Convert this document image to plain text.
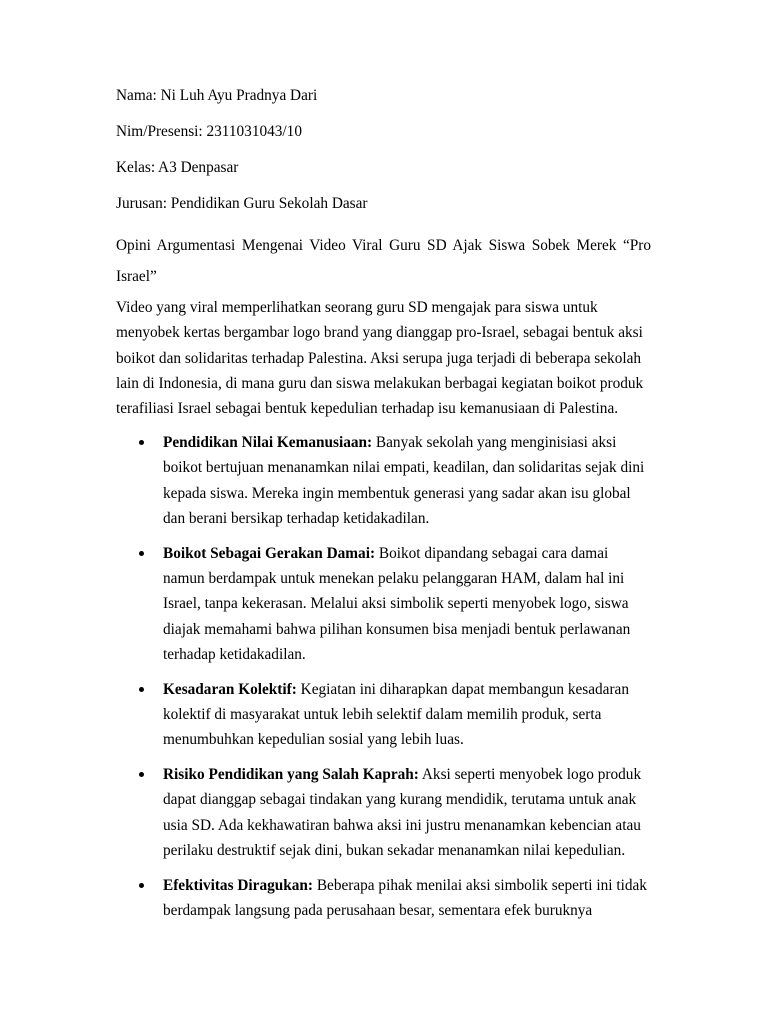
Nama: Ni Luh Ayu Pradnya Dari
Nim/Presensi: 2311031043/10
Kelas: A3 Denpasar
Jurusan: Pendidikan Guru Sekolah Dasar
Opini Argumentasi Mengenai Video Viral Guru SD Ajak Siswa Sobek Merek “Pro Israel”
Video yang viral memperlihatkan seorang guru SD mengajak para siswa untuk menyobek kertas bergambar logo brand yang dianggap pro-Israel, sebagai bentuk aksi boikot dan solidaritas terhadap Palestina. Aksi serupa juga terjadi di beberapa sekolah lain di Indonesia, di mana guru dan siswa melakukan berbagai kegiatan boikot produk terafiliasi Israel sebagai bentuk kepedulian terhadap isu kemanusiaan di Palestina.
Pendidikan Nilai Kemanusiaan: Banyak sekolah yang menginisiasi aksi boikot bertujuan menanamkan nilai empati, keadilan, dan solidaritas sejak dini kepada siswa. Mereka ingin membentuk generasi yang sadar akan isu global dan berani bersikap terhadap ketidakadilan.
Boikot Sebagai Gerakan Damai: Boikot dipandang sebagai cara damai namun berdampak untuk menekan pelaku pelanggaran HAM, dalam hal ini Israel, tanpa kekerasan. Melalui aksi simbolik seperti menyobek logo, siswa diajak memahami bahwa pilihan konsumen bisa menjadi bentuk perlawanan terhadap ketidakadilan.
Kesadaran Kolektif: Kegiatan ini diharapkan dapat membangun kesadaran kolektif di masyarakat untuk lebih selektif dalam memilih produk, serta menumbuhkan kepedulian sosial yang lebih luas.
Risiko Pendidikan yang Salah Kaprah: Aksi seperti menyobek logo produk dapat dianggap sebagai tindakan yang kurang mendidik, terutama untuk anak usia SD. Ada kekhawatiran bahwa aksi ini justru menanamkan kebencian atau perilaku destruktif sejak dini, bukan sekadar menanamkan nilai kepedulian.
Efektivitas Diragukan: Beberapa pihak menilai aksi simbolik seperti ini tidak berdampak langsung pada perusahaan besar, sementara efek buruknya
